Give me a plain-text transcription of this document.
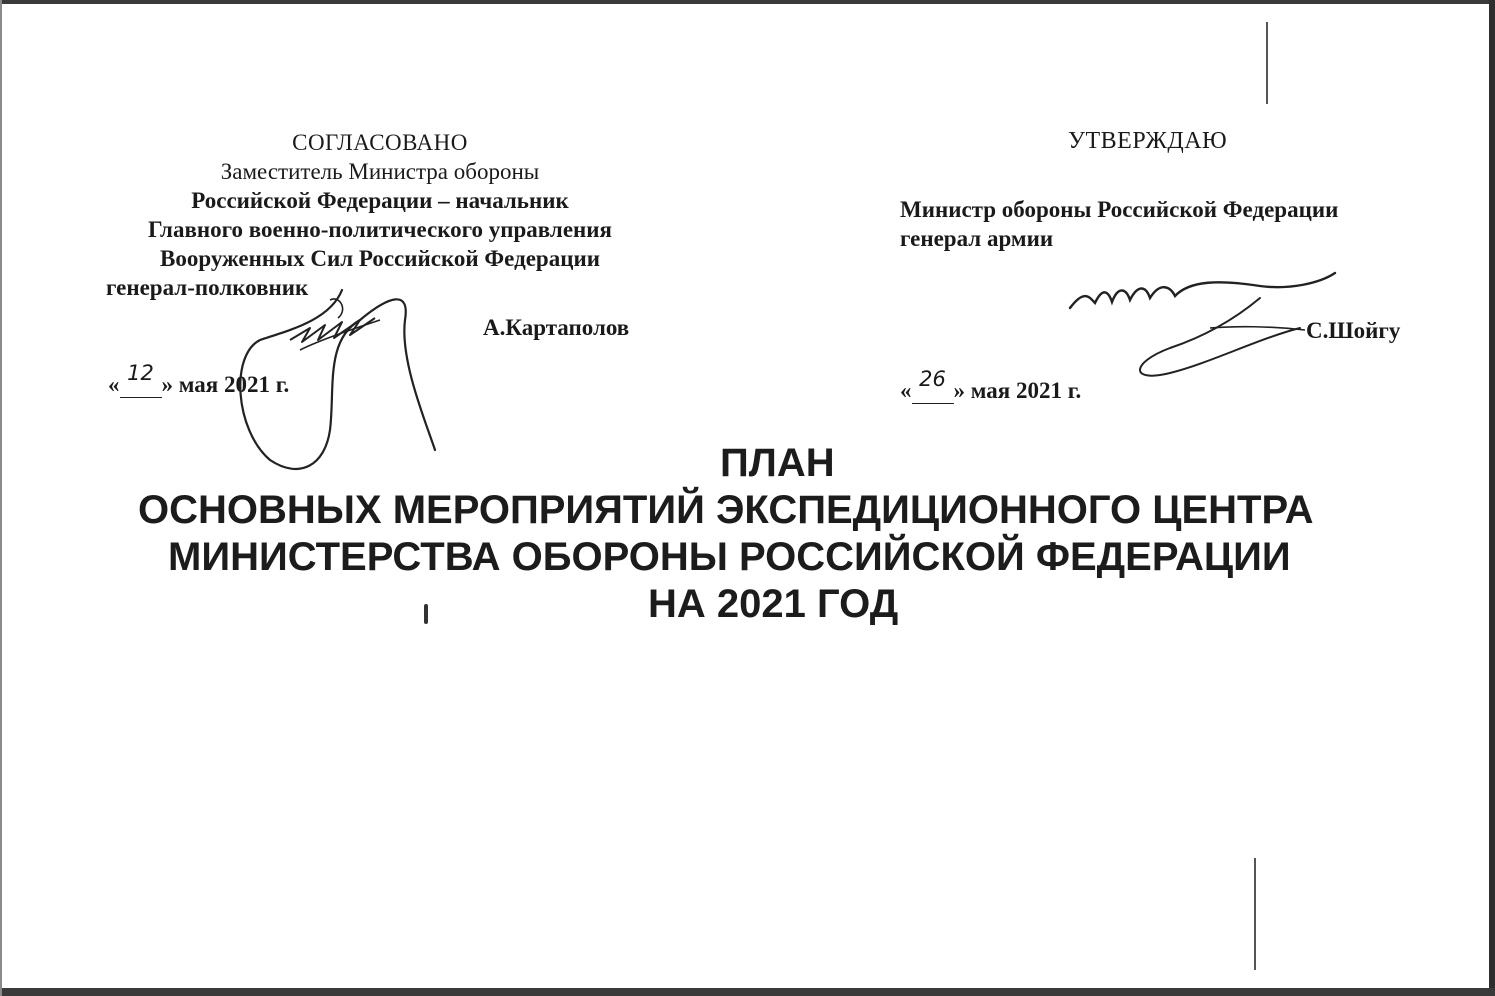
СОГЛАСОВАНО
Заместитель Министра обороны
Российской Федерации – начальник
Главного военно-политического управления
Вооруженных Сил Российской Федерации
генерал-полковник
А.Картаполов
« 12 » мая 2021 г.
УТВЕРЖДАЮ
Министр обороны Российской Федерации
генерал армии
С.Шойгу
« 26 » мая 2021 г.
ПЛАН
ОСНОВНЫХ МЕРОПРИЯТИЙ ЭКСПЕДИЦИОННОГО ЦЕНТРА
МИНИСТЕРСТВА ОБОРОНЫ РОССИЙСКОЙ ФЕДЕРАЦИИ
НА 2021 ГОД
